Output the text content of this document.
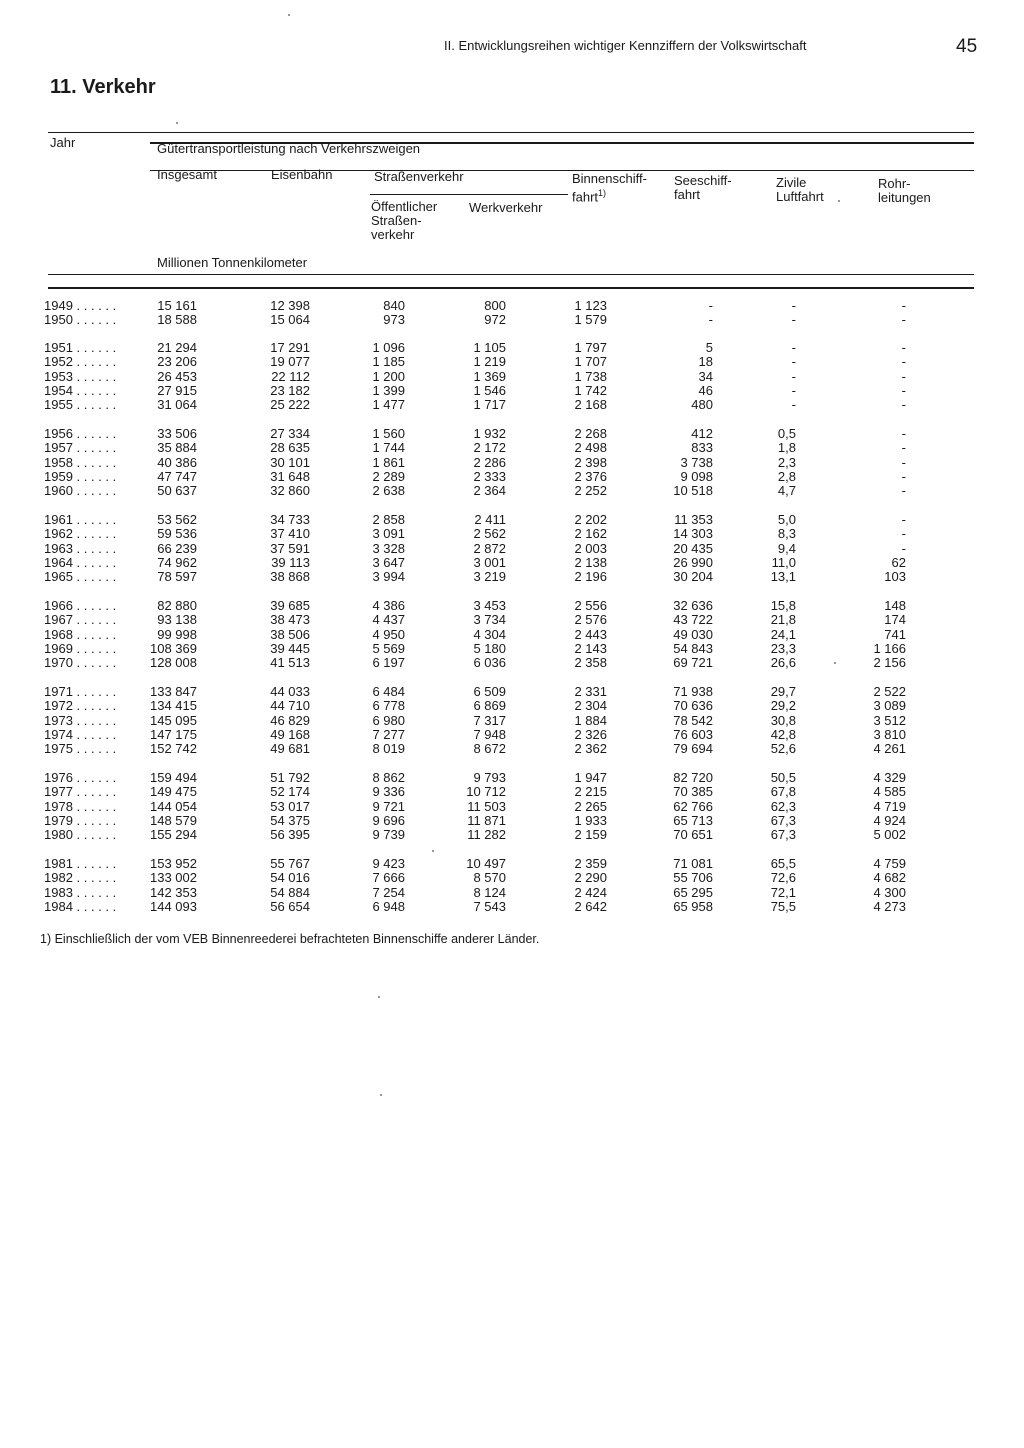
II. Entwicklungsreihen wichtiger Kennziffern der Volkswirtschaft	45
11. Verkehr
Jahr	Gütertransportleistung nach Verkehrszweigen
Insgesamt	Eisenbahn	Straßenverkehr
Öffentlicher
Straßen-
verkehr
Werkverkehr
Binnenschiff-
fahrt$^{1)}$
Seeschiff-
fahrt
Zivile
Luftfahrt
Rohr-
leitungen
Millionen Tonnenkilometer
1949 . . . . . .	15 161	12 398	840	800	1 123	-	-	-
1950 . . . . . .	18 588	15 064	973	972	1 579	-	-	-
1951 . . . . . .	21 294	17 291	1 096	1 105	1 797	5	-	-
1952 . . . . . .	23 206	19 077	1 185	1 219	1 707	18	-	-
1953 . . . . . .	26 453	22 112	1 200	1 369	1 738	34	-	-
1954 . . . . . .	27 915	23 182	1 399	1 546	1 742	46	-	-
1955 . . . . . .	31 064	25 222	1 477	1 717	2 168	480	-	-
1956 . . . . . .	33 506	27 334	1 560	1 932	2 268	412	0,5	-
1957 . . . . . .	35 884	28 635	1 744	2 172	2 498	833	1,8	-
1958 . . . . . .	40 386	30 101	1 861	2 286	2 398	3 738	2,3	-
1959 . . . . . .	47 747	31 648	2 289	2 333	2 376	9 098	2,8	-
1960 . . . . . .	50 637	32 860	2 638	2 364	2 252	10 518	4,7	-
1961 . . . . . .	53 562	34 733	2 858	2 411	2 202	11 353	5,0	-
1962 . . . . . .	59 536	37 410	3 091	2 562	2 162	14 303	8,3	-
1963 . . . . . .	66 239	37 591	3 328	2 872	2 003	20 435	9,4	-
1964 . . . . . .	74 962	39 113	3 647	3 001	2 138	26 990	11,0	62
1965 . . . . . .	78 597	38 868	3 994	3 219	2 196	30 204	13,1	103
1966 . . . . . .	82 880	39 685	4 386	3 453	2 556	32 636	15,8	148
1967 . . . . . .	93 138	38 473	4 437	3 734	2 576	43 722	21,8	174
1968 . . . . . .	99 998	38 506	4 950	4 304	2 443	49 030	24,1	741
1969 . . . . . .	108 369	39 445	5 569	5 180	2 143	54 843	23,3	1 166
1970 . . . . . .	128 008	41 513	6 197	6 036	2 358	69 721	26,6	2 156
1971 . . . . . .	133 847	44 033	6 484	6 509	2 331	71 938	29,7	2 522
1972 . . . . . .	134 415	44 710	6 778	6 869	2 304	70 636	29,2	3 089
1973 . . . . . .	145 095	46 829	6 980	7 317	1 884	78 542	30,8	3 512
1974 . . . . . .	147 175	49 168	7 277	7 948	2 326	76 603	42,8	3 810
1975 . . . . . .	152 742	49 681	8 019	8 672	2 362	79 694	52,6	4 261
1976 . . . . . .	159 494	51 792	8 862	9 793	1 947	82 720	50,5	4 329
1977 . . . . . .	149 475	52 174	9 336	10 712	2 215	70 385	67,8	4 585
1978 . . . . . .	144 054	53 017	9 721	11 503	2 265	62 766	62,3	4 719
1979 . . . . . .	148 579	54 375	9 696	11 871	1 933	65 713	67,3	4 924
1980 . . . . . .	155 294	56 395	9 739	11 282	2 159	70 651	67,3	5 002
1981 . . . . . .	153 952	55 767	9 423	10 497	2 359	71 081	65,5	4 759
1982 . . . . . .	133 002	54 016	7 666	8 570	2 290	55 706	72,6	4 682
1983 . . . . . .	142 353	54 884	7 254	8 124	2 424	65 295	72,1	4 300
1984 . . . . . .	144 093	56 654	6 948	7 543	2 642	65 958	75,5	4 273
1) Einschließlich der vom VEB Binnenreederei befrachteten Binnenschiffe anderer Länder.
